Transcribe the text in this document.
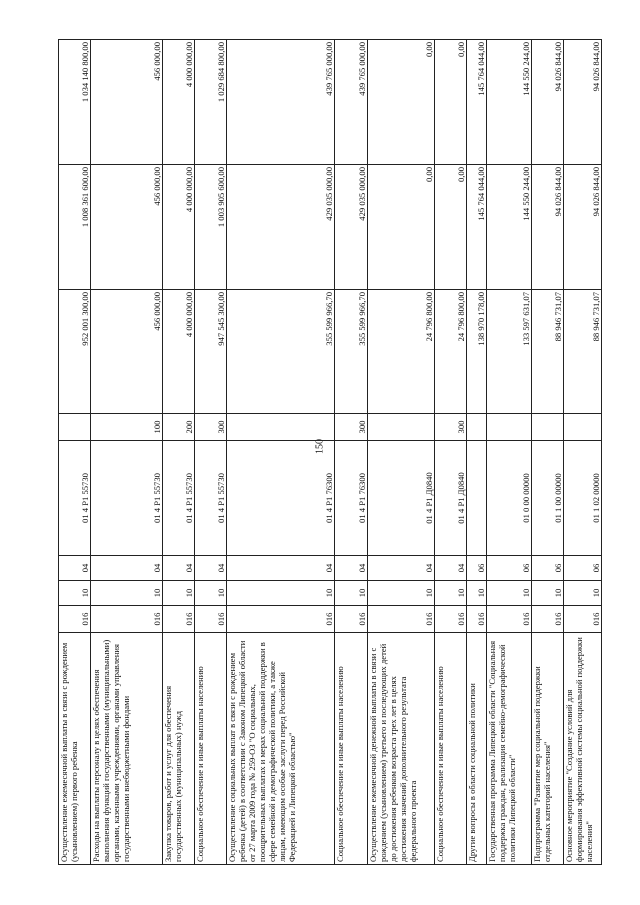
150
Осуществление ежемесячной выплаты в связи с рождением (усыновлением) первого ребенка	016	10	04	01 4 P1 55730		952 001 300,00	1 008 361 600,00	1 034 140 800,00
Расходы на выплаты персоналу в целях обеспечения выполнения функций государственными (муниципальными) органами, казенными учреждениями, органами управления государственными внебюджетными фондами	016	10	04	01 4 P1 55730	100	456 000,00	456 000,00	456 000,00
Закупка товаров, работ и услуг для обеспечения государственных (муниципальных) нужд	016	10	04	01 4 P1 55730	200	4 000 000,00	4 000 000,00	4 000 000,00
Социальное обеспечение и иные выплаты населению	016	10	04	01 4 P1 55730	300	947 545 300,00	1 003 905 600,00	1 029 684 800,00
Осуществление социальных выплат в связи с рождением ребенка (детей) в соответствии с Законом Липецкой области от 27 марта 2009 года № 259-ОЗ "О социальных, поощрительных выплатах и мерах социальной поддержки в сфере семейной и демографической политики, а также лицам, имеющим особые заслуги перед Российской Федерацией и Липецкой областью"	016	10	04	01 4 P1 76300		355 599 966,70	429 035 000,00	439 765 000,00
Социальное обеспечение и иные выплаты населению	016	10	04	01 4 P1 76300	300	355 599 966,70	429 035 000,00	439 765 000,00
Осуществление ежемесячной денежной выплаты в связи с рождением (усыновлением) третьего и последующих детей до достижения ребенком возраста трех лет в целях достижения значений дополнительного результата федерального проекта	016	10	04	01 4 P1 Д0840		24 796 800,00	0,00	0,00
Социальное обеспечение и иные выплаты населению	016	10	04	01 4 P1 Д0840	300	24 796 800,00	0,00	0,00
Другие вопросы в области социальной политики	016	10	06			138 970 178,00	145 764 044,00	145 764 044,00
Государственная программа Липецкой области "Социальная поддержка граждан, реализация семейно-демографической политики Липецкой области"	016	10	06	01 0 00 00000		133 597 631,07	144 550 244,00	144 550 244,00
Подпрограмма "Развитие мер социальной поддержки отдельных категорий населения"	016	10	06	01 1 00 00000		88 946 731,07	94 026 844,00	94 026 844,00
Основное мероприятие "Создание условий для формирования эффективной системы социальной поддержки населения"	016	10	06	01 1 02 00000		88 946 731,07	94 026 844,00	94 026 844,00
